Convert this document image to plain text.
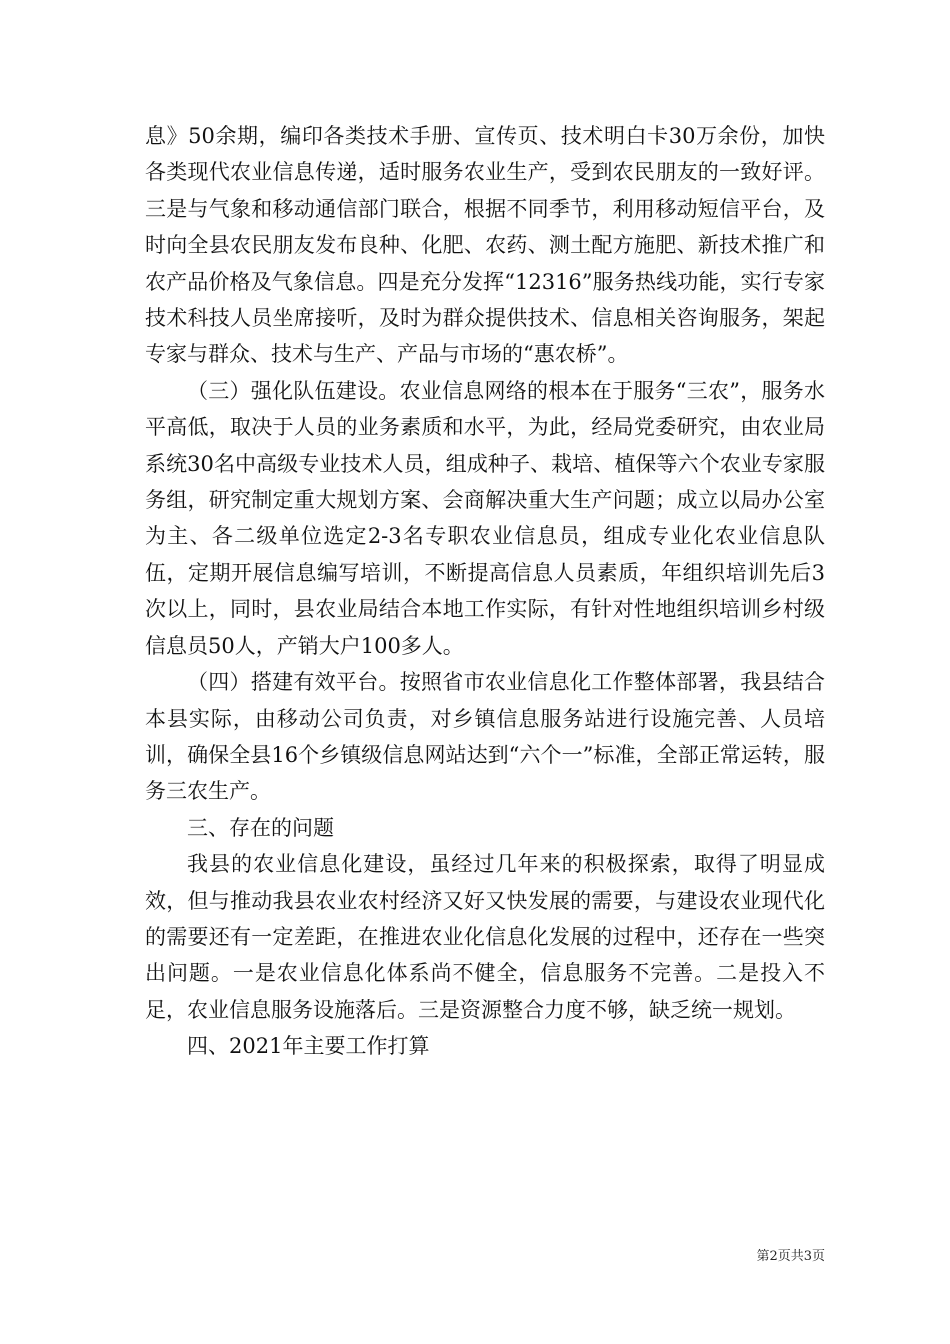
息》50余期，编印各类技术手册、宣传页、技术明白卡30万余份，加快各类现代农业信息传递，适时服务农业生产，受到农民朋友的一致好评。三是与气象和移动通信部门联合，根据不同季节，利用移动短信平台，及时向全县农民朋友发布良种、化肥、农药、测土配方施肥、新技术推广和农产品价格及气象信息。四是充分发挥“12316”服务热线功能，实行专家技术科技人员坐席接听，及时为群众提供技术、信息相关咨询服务，架起专家与群众、技术与生产、产品与市场的“惠农桥”。

（三）强化队伍建设。农业信息网络的根本在于服务“三农”，服务水平高低，取决于人员的业务素质和水平，为此，经局党委研究，由农业局系统30名中高级专业技术人员，组成种子、栽培、植保等六个农业专家服务组，研究制定重大规划方案、会商解决重大生产问题；成立以局办公室为主、各二级单位选定2-3名专职农业信息员，组成专业化农业信息队伍，定期开展信息编写培训，不断提高信息人员素质，年组织培训先后3次以上，同时，县农业局结合本地工作实际，有针对性地组织培训乡村级信息员50人，产销大户100多人。

（四）搭建有效平台。按照省市农业信息化工作整体部署，我县结合本县实际，由移动公司负责，对乡镇信息服务站进行设施完善、人员培训，确保全县16个乡镇级信息网站达到“六个一”标准，全部正常运转，服务三农生产。

三、存在的问题

我县的农业信息化建设，虽经过几年来的积极探索，取得了明显成效，但与推动我县农业农村经济又好又快发展的需要，与建设农业现代化的需要还有一定差距，在推进农业化信息化发展的过程中，还存在一些突出问题。一是农业信息化体系尚不健全，信息服务不完善。二是投入不足，农业信息服务设施落后。三是资源整合力度不够，缺乏统一规划。

四、2021年主要工作打算

第2页共3页
